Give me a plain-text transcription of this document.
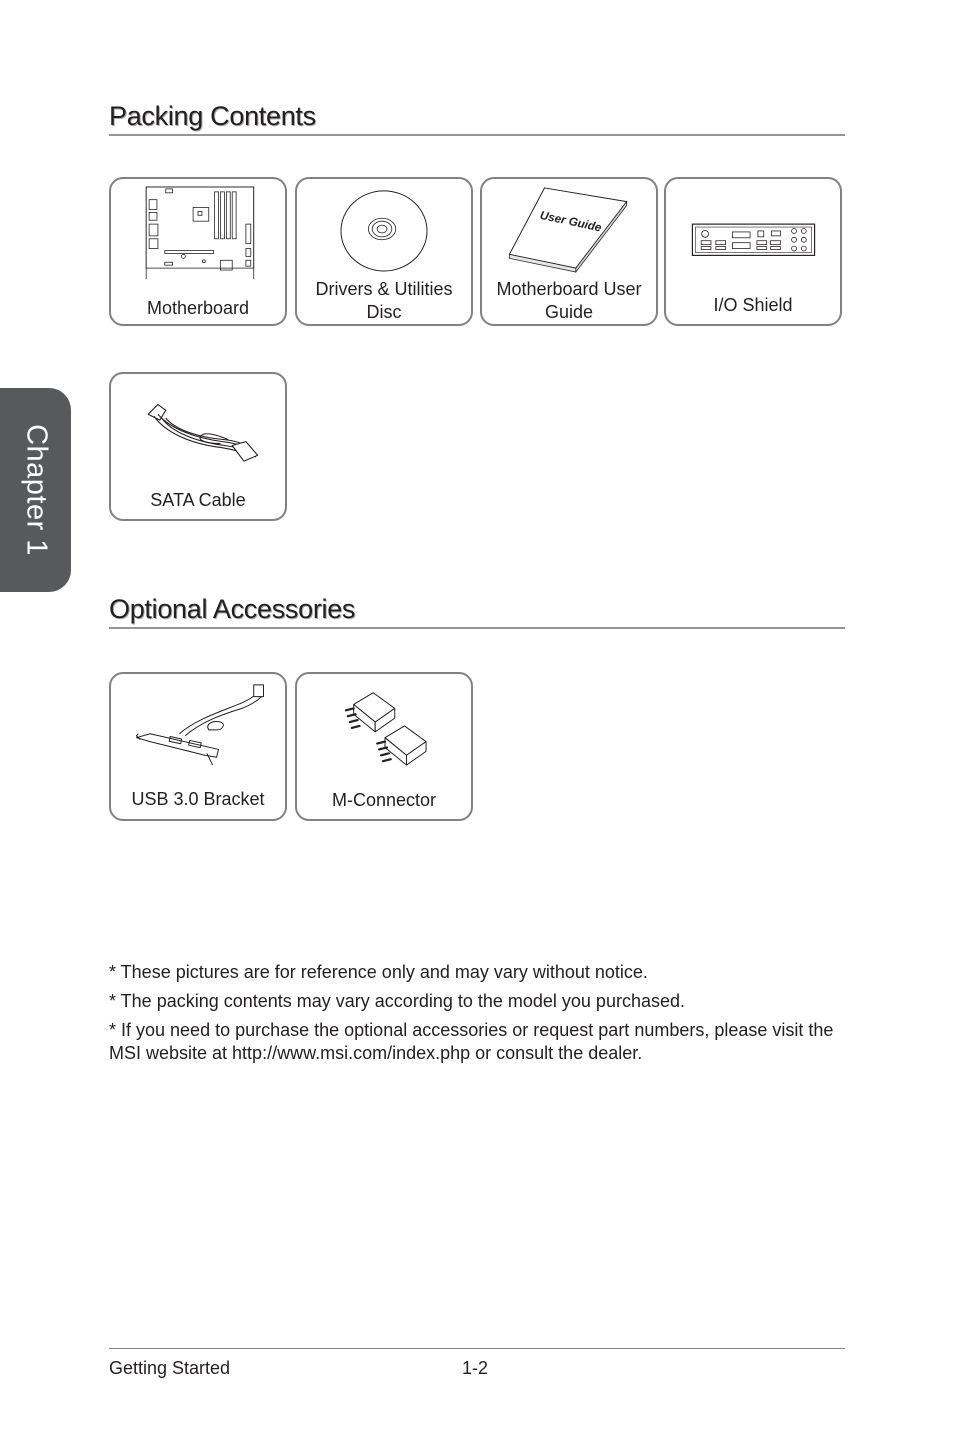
Chapter 1
Packing Contents
Motherboard
Drivers & Utilities Disc
User Guide
Motherboard User Guide	I/O Shield
SATA Cable
Optional Accessories
USB 3.0 Bracket	M-Connector

* These pictures are for reference only and may vary without notice.

* The packing contents may vary according to the model you purchased.

* If you need to purchase the optional accessories or request part numbers, please visit the MSI website at http://www.msi.com/index.php or consult the dealer.

Getting Started	1-2
